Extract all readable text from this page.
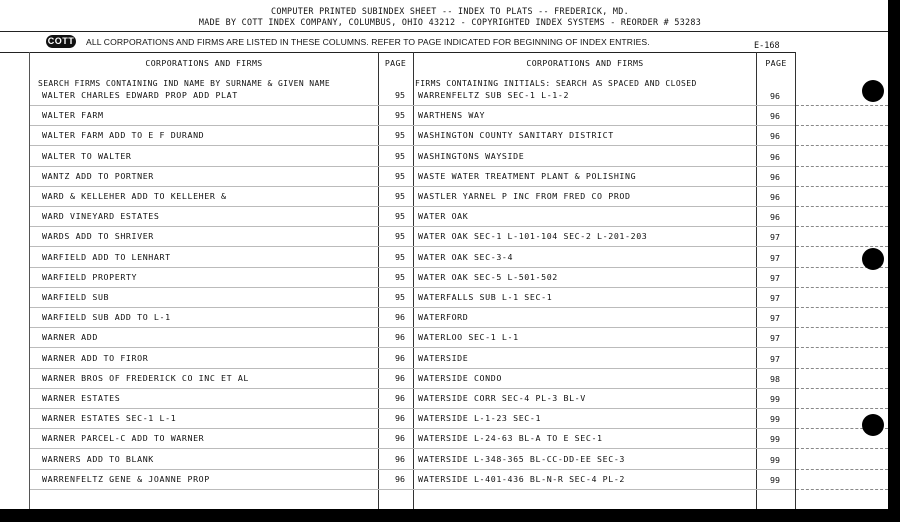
COMPUTER PRINTED SUBINDEX SHEET -- INDEX TO PLATS -- FREDERICK, MD.
MADE BY COTT INDEX COMPANY, COLUMBUS, OHIO 43212 - COPYRIGHTED INDEX SYSTEMS - REORDER # 53283
COTT ALL CORPORATIONS AND FIRMS ARE LISTED IN THESE COLUMNS. REFER TO PAGE INDICATED FOR BEGINNING OF INDEX ENTRIES.	E-168
CORPORATIONS AND FIRMS	PAGE	CORPORATIONS AND FIRMS	PAGE
SEARCH FIRMS CONTAINING IND NAME BY SURNAME & GIVEN NAME	FIRMS CONTAINING INITIALS: SEARCH AS SPACED AND CLOSED
WALTER CHARLES EDWARD PROP ADD PLAT	95	WARRENFELTZ SUB SEC-1 L-1-2	96
WALTER FARM	95	WARTHENS WAY	96
WALTER FARM ADD TO E F DURAND	95	WASHINGTON COUNTY SANITARY DISTRICT	96
WALTER TO WALTER	95	WASHINGTONS WAYSIDE	96
WANTZ ADD TO PORTNER	95	WASTE WATER TREATMENT PLANT & POLISHING	96
WARD & KELLEHER ADD TO KELLEHER &	95	WASTLER YARNEL P INC FROM FRED CO PROD	96
WARD VINEYARD ESTATES	95	WATER OAK	96
WARDS ADD TO SHRIVER	95	WATER OAK SEC-1 L-101-104 SEC-2 L-201-203	97
WARFIELD ADD TO LENHART	95	WATER OAK SEC-3-4	97
WARFIELD PROPERTY	95	WATER OAK SEC-5 L-501-502	97
WARFIELD SUB	95	WATERFALLS SUB L-1 SEC-1	97
WARFIELD SUB ADD TO L-1	96	WATERFORD	97
WARNER ADD	96	WATERLOO SEC-1 L-1	97
WARNER ADD TO FIROR	96	WATERSIDE	97
WARNER BROS OF FREDERICK CO INC ET AL	96	WATERSIDE CONDO	98
WARNER ESTATES	96	WATERSIDE CORR SEC-4 PL-3 BL-V	99
WARNER ESTATES SEC-1 L-1	96	WATERSIDE L-1-23 SEC-1	99
WARNER PARCEL-C ADD TO WARNER	96	WATERSIDE L-24-63 BL-A TO E SEC-1	99
WARNERS ADD TO BLANK	96	WATERSIDE L-348-365 BL-CC-DD-EE SEC-3	99
WARRENFELTZ GENE & JOANNE PROP	96	WATERSIDE L-401-436 BL-N-R SEC-4 PL-2	99
